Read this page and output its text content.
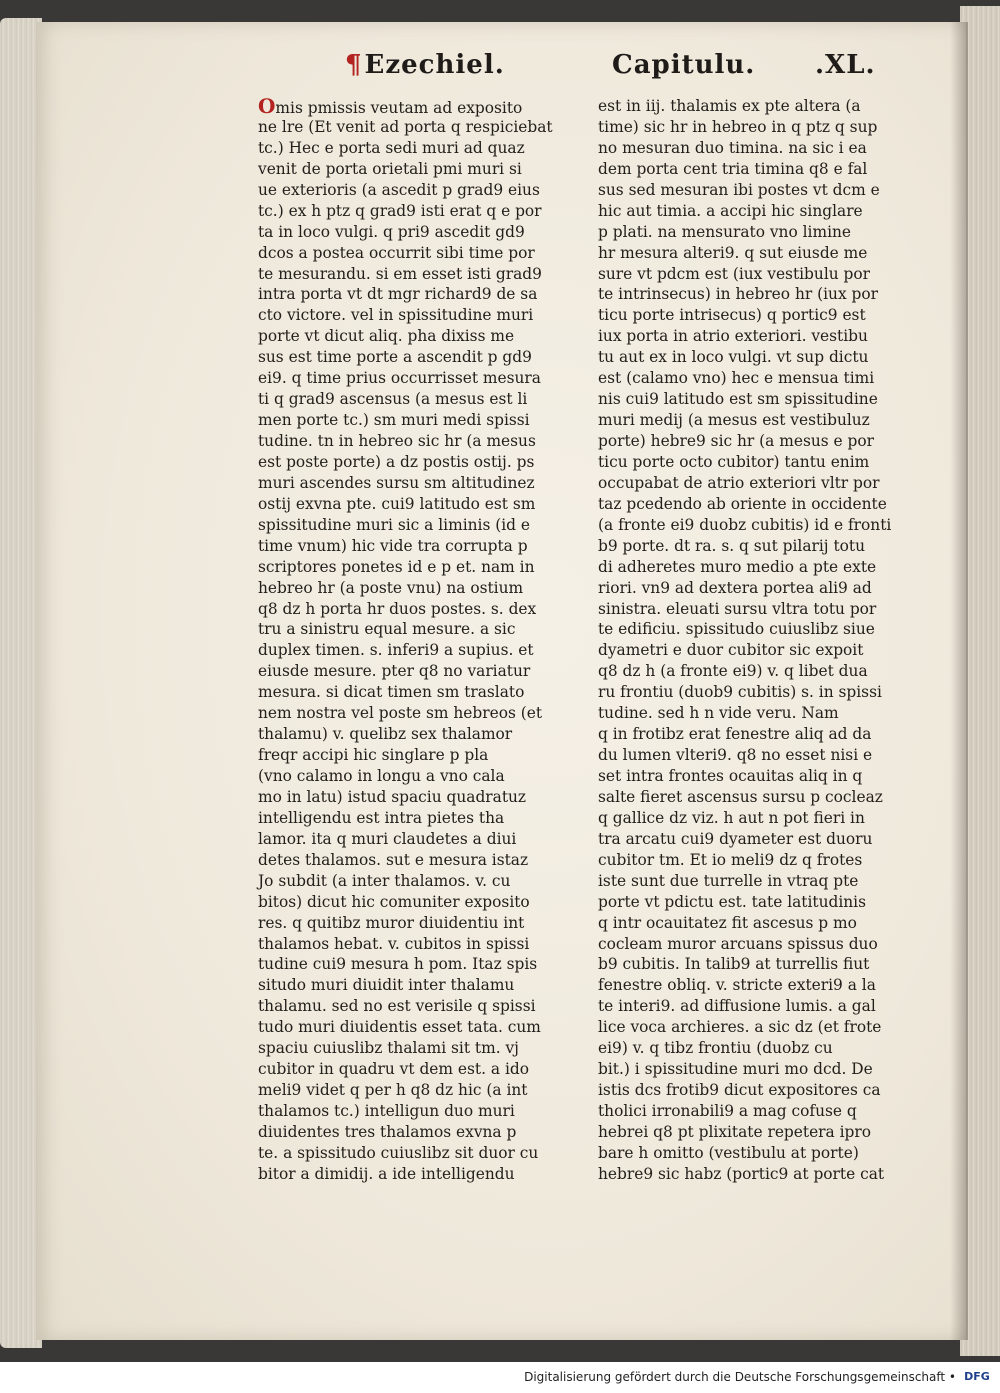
¶Ezechiel.	Capitulu. .XL.
Omis pmissis veutam ad exposito
ne lre (Et venit ad porta q respiciebat
tc.) Hec e porta sedi muri ad quaz
venit de porta orietali pmi muri si
ue exterioris (a ascedit p grad9 eius
tc.) ex h ptz q grad9 isti erat q e por
ta in loco vulgi. q pri9 ascedit gd9
dcos a postea occurrit sibi time por
te mesurandu. si em esset isti grad9
intra porta vt dt mgr richard9 de sa
cto victore. vel in spissitudine muri
porte vt dicut aliq. pha dixiss me
sus est time porte a ascendit p gd9
ei9. q time prius occurrisset mesura
ti q grad9 ascensus (a mesus est li
men porte tc.) sm muri medi spissi
tudine. tn in hebreo sic hr (a mesus
est poste porte) a dz postis ostij. ps
muri ascendes sursu sm altitudinez
ostij exvna pte. cui9 latitudo est sm
spissitudine muri sic a liminis (id e
time vnum) hic vide tra corrupta p
scriptores ponetes id e p et. nam in
hebreo hr (a poste vnu) na ostium
q8 dz h porta hr duos postes. s. dex
tru a sinistru equal mesure. a sic
duplex timen. s. inferi9 a supius. et
eiusde mesure. pter q8 no variatur
mesura. si dicat timen sm traslato
nem nostra vel poste sm hebreos (et
thalamu) v. quelibz sex thalamor
freqr accipi hic singlare p pla
(vno calamo in longu a vno cala
mo in latu) istud spaciu quadratuz
intelligendu est intra pietes tha
lamor. ita q muri claudetes a diui
detes thalamos. sut e mesura istaz
Jo subdit (a inter thalamos. v. cu
bitos) dicut hic comuniter exposito
res. q quitibz muror diuidentiu int
thalamos hebat. v. cubitos in spissi
tudine cui9 mesura h pom. Itaz spis
situdo muri diuidit inter thalamu
thalamu. sed no est verisile q spissi
tudo muri diuidentis esset tata. cum
spaciu cuiuslibz thalami sit tm. vj
cubitor in quadru vt dem est. a ido
meli9 videt q per h q8 dz hic (a int
thalamos tc.) intelligun duo muri
diuidentes tres thalamos exvna p
te. a spissitudo cuiuslibz sit duor cu
bitor a dimidij. a ide intelligendu
est in iij. thalamis ex pte altera (a
time) sic hr in hebreo in q ptz q sup
no mesuran duo timina. na sic i ea
dem porta cent tria timina q8 e fal
sus sed mesuran ibi postes vt dcm e
hic aut timia. a accipi hic singlare
p plati. na mensurato vno limine
hr mesura alteri9. q sut eiusde me
sure vt pdcm est (iux vestibulu por
te intrinsecus) in hebreo hr (iux por
ticu porte intrisecus) q portic9 est
iux porta in atrio exteriori. vestibu
tu aut ex in loco vulgi. vt sup dictu
est (calamo vno) hec e mensua timi
nis cui9 latitudo est sm spissitudine
muri medij (a mesus est vestibuluz
porte) hebre9 sic hr (a mesus e por
ticu porte octo cubitor) tantu enim
occupabat de atrio exteriori vltr por
taz pcedendo ab oriente in occidente
(a fronte ei9 duobz cubitis) id e fronti
b9 porte. dt ra. s. q sut pilarij totu
di adheretes muro medio a pte exte
riori. vn9 ad dextera portea ali9 ad
sinistra. eleuati sursu vltra totu por
te edificiu. spissitudo cuiuslibz siue
dyametri e duor cubitor sic expoit
q8 dz h (a fronte ei9) v. q libet dua
ru frontiu (duob9 cubitis) s. in spissi
tudine. sed h n vide veru. Nam
q in frotibz erat fenestre aliq ad da
du lumen vlteri9. q8 no esset nisi e
set intra frontes ocauitas aliq in q
salte fieret ascensus sursu p cocleaz
q gallice dz viz. h aut n pot fieri in
tra arcatu cui9 dyameter est duoru
cubitor tm. Et io meli9 dz q frotes
iste sunt due turrelle in vtraq pte
porte vt pdictu est. tate latitudinis
q intr ocauitatez fit ascesus p mo
cocleam muror arcuans spissus duo
b9 cubitis. In talib9 at turrellis fiut
fenestre obliq. v. stricte exteri9 a la
te interi9. ad diffusione lumis. a gal
lice voca archieres. a sic dz (et frote
ei9) v. q tibz frontiu (duobz cu
bit.) i spissitudine muri mo dcd. De
istis dcs frotib9 dicut expositores ca
tholici irronabili9 a mag cofuse q
hebrei q8 pt plixitate repetera ipro
bare h omitto (vestibulu at porte)
hebre9 sic habz (portic9 at porte cat
Digitalisierung gefördert durch die Deutsche Forschungsgemeinschaft • DFG
